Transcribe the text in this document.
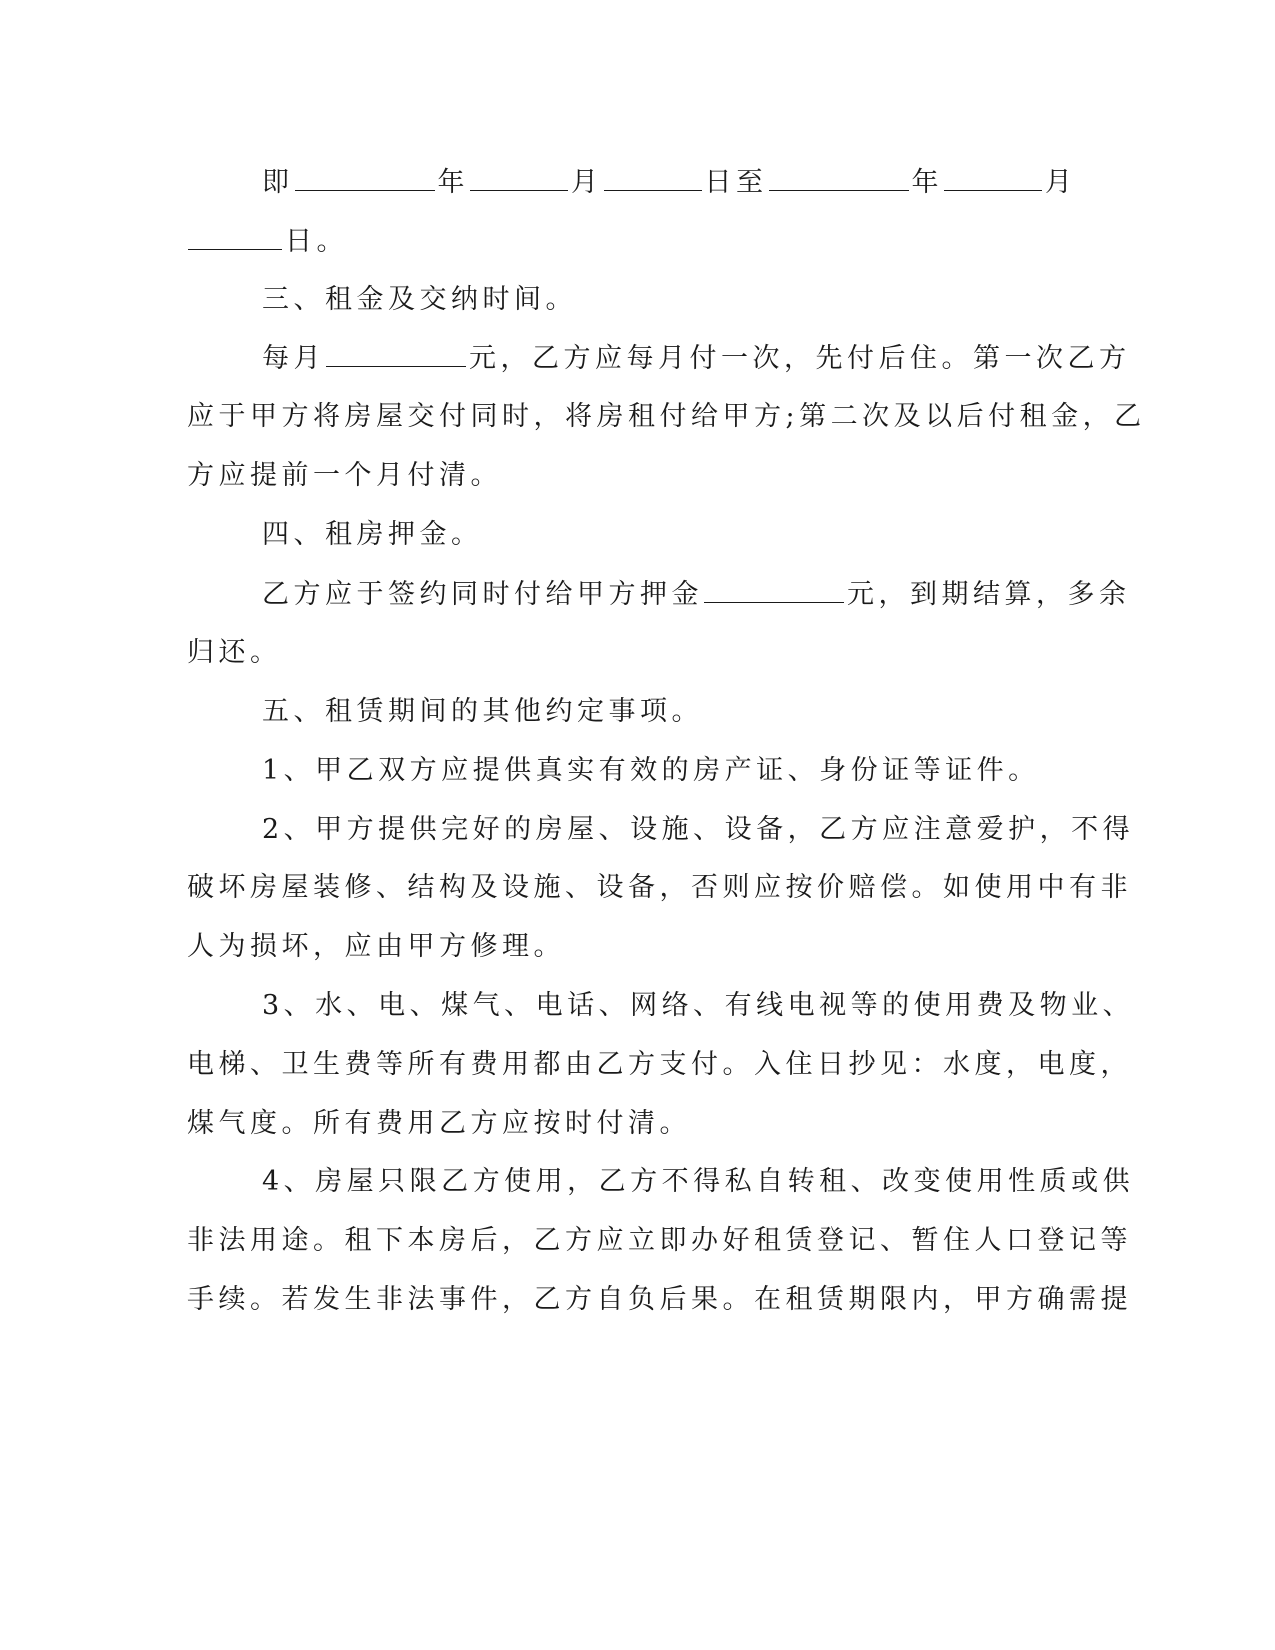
即	年	月	日至	年	月
日。
三、租金及交纳时间。
每月	元，乙方应每月付一次，先付后住。第一次乙方
应于甲方将房屋交付同时，将房租付给甲方;第二次及以后付租金，乙
方应提前一个月付清。
四、租房押金。
乙方应于签约同时付给甲方押金	元，到期结算，多余
归还。
五、租赁期间的其他约定事项。
1、甲乙双方应提供真实有效的房产证、身份证等证件。
2、甲方提供完好的房屋、设施、设备，乙方应注意爱护，不得
破坏房屋装修、结构及设施、设备，否则应按价赔偿。如使用中有非
人为损坏，应由甲方修理。
3、水、电、煤气、电话、网络、有线电视等的使用费及物业、
电梯、卫生费等所有费用都由乙方支付。入住日抄见：水度，电度，
煤气度。所有费用乙方应按时付清。
4、房屋只限乙方使用，乙方不得私自转租、改变使用性质或供
非法用途。租下本房后，乙方应立即办好租赁登记、暂住人口登记等
手续。若发生非法事件，乙方自负后果。在租赁期限内，甲方确需提
